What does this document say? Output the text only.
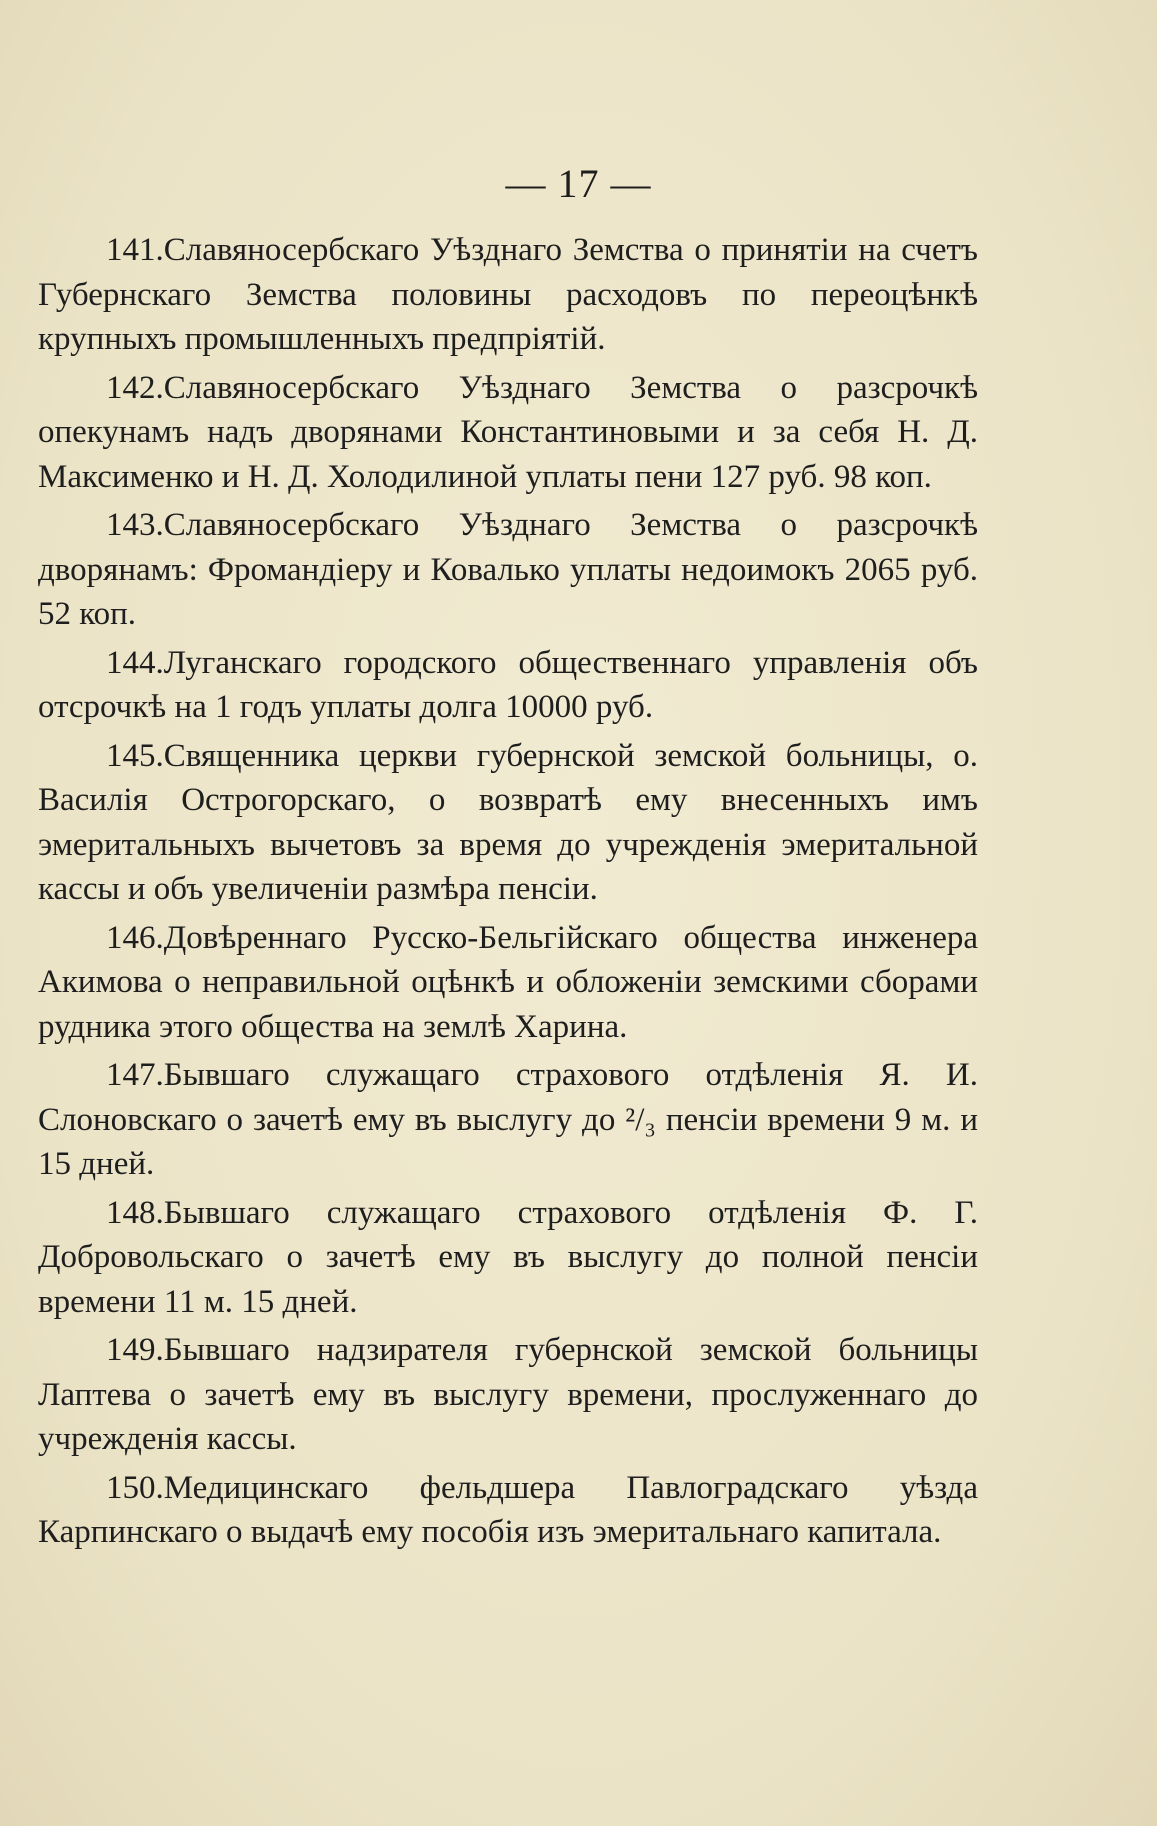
— 17 —

141.Славяносербскаго Уѣзднаго Земства о принятіи на счетъ Губернскаго Земства половины расходовъ по переоцѣнкѣ крупныхъ промышленныхъ предпріятій.

142.Славяносербскаго Уѣзднаго Земства о разсрочкѣ опекунамъ надъ дворянами Константиновыми и за себя Н. Д. Максименко и Н. Д. Холодилиной уплаты пени 127 руб. 98 коп.

143.Славяносербскаго Уѣзднаго Земства о разсрочкѣ дворянамъ: Фромандіеру и Ковалько уплаты недоимокъ 2065 руб. 52 коп.

144.Луганскаго городского общественнаго управленія объ отсрочкѣ на 1 годъ уплаты долга 10000 руб.

145.Священника церкви губернской земской больницы, о. Василія Острогорскаго, о возвратѣ ему внесенныхъ имъ эмеритальныхъ вычетовъ за время до учрежденія эмеритальной кассы и объ увеличеніи размѣра пенсіи.

146.Довѣреннаго Русско-Бельгійскаго общества инженера Акимова о неправильной оцѣнкѣ и обложеніи земскими сборами рудника этого общества на землѣ Харина.

147.Бывшаго служащаго страхового отдѣленія Я. И. Слоновскаго о зачетѣ ему въ выслугу до ²/₃ пенсіи времени 9 м. и 15 дней.

148.Бывшаго служащаго страхового отдѣленія Ф. Г. Добровольскаго о зачетѣ ему въ выслугу до полной пенсіи времени 11 м. 15 дней.

149.Бывшаго надзирателя губернской земской больницы Лаптева о зачетѣ ему въ выслугу времени, прослуженнаго до учрежденія кассы.

150.Медицинскаго фельдшера Павлоградскаго уѣзда Карпинскаго о выдачѣ ему пособія изъ эмеритальнаго капитала.
